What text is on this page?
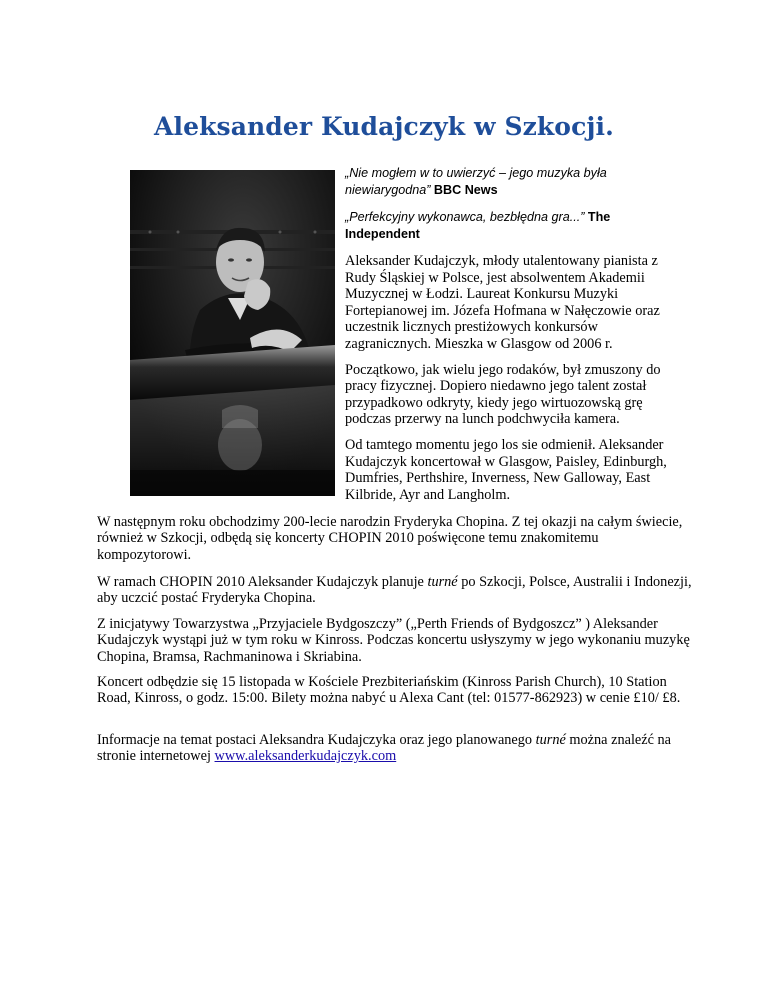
Aleksander Kudajczyk w Szkocji.

„Nie mogłem w to uwierzyć – jego muzyka była niewiarygodna” BBC News

„Perfekcyjny wykonawca, bezbłędna gra...” The Independent

Aleksander Kudajczyk, młody utalentowany pianista z Rudy Śląskiej w Polsce, jest absolwentem Akademii Muzycznej w Łodzi. Laureat Konkursu Muzyki Fortepianowej im. Józefa Hofmana w Nałęczowie oraz uczestnik licznych prestiżowych konkursów zagranicznych. Mieszka w Glasgow od 2006 r.

Początkowo, jak wielu jego rodaków, był zmuszony do pracy fizycznej. Dopiero niedawno jego talent został przypadkowo odkryty, kiedy jego wirtuozowską grę podczas przerwy na lunch podchwyciła kamera.

Od tamtego momentu jego los sie odmienił. Aleksander Kudajczyk koncertował w Glasgow, Paisley, Edinburgh, Dumfries, Perthshire, Inverness, New Galloway, East Kilbride, Ayr and Langholm.

W następnym roku obchodzimy 200-lecie narodzin Fryderyka Chopina. Z tej okazji na całym świecie, również w Szkocji, odbędą się koncerty CHOPIN 2010 poświęcone temu znakomitemu kompozytorowi.

W ramach CHOPIN 2010 Aleksander Kudajczyk planuje turné po Szkocji, Polsce, Australii i Indonezji, aby uczcić postać Fryderyka Chopina.

Z inicjatywy Towarzystwa „Przyjaciele Bydgoszczy” („Perth Friends of Bydgoszcz” ) Aleksander Kudajczyk wystąpi już w tym roku w Kinross. Podczas koncertu usłyszymy w jego wykonaniu muzykę Chopina, Bramsa, Rachmaninowa i Skriabina.

Koncert odbędzie się 15 listopada w Kościele Prezbiteriańskim (Kinross Parish Church), 10 Station Road, Kinross, o godz. 15:00. Bilety można nabyć u Alexa Cant (tel: 01577-862923) w cenie £10/ £8.

Informacje na temat postaci Aleksandra Kudajczyka oraz jego planowanego turné można znaleźć na stronie internetowej www.aleksanderkudajczyk.com
